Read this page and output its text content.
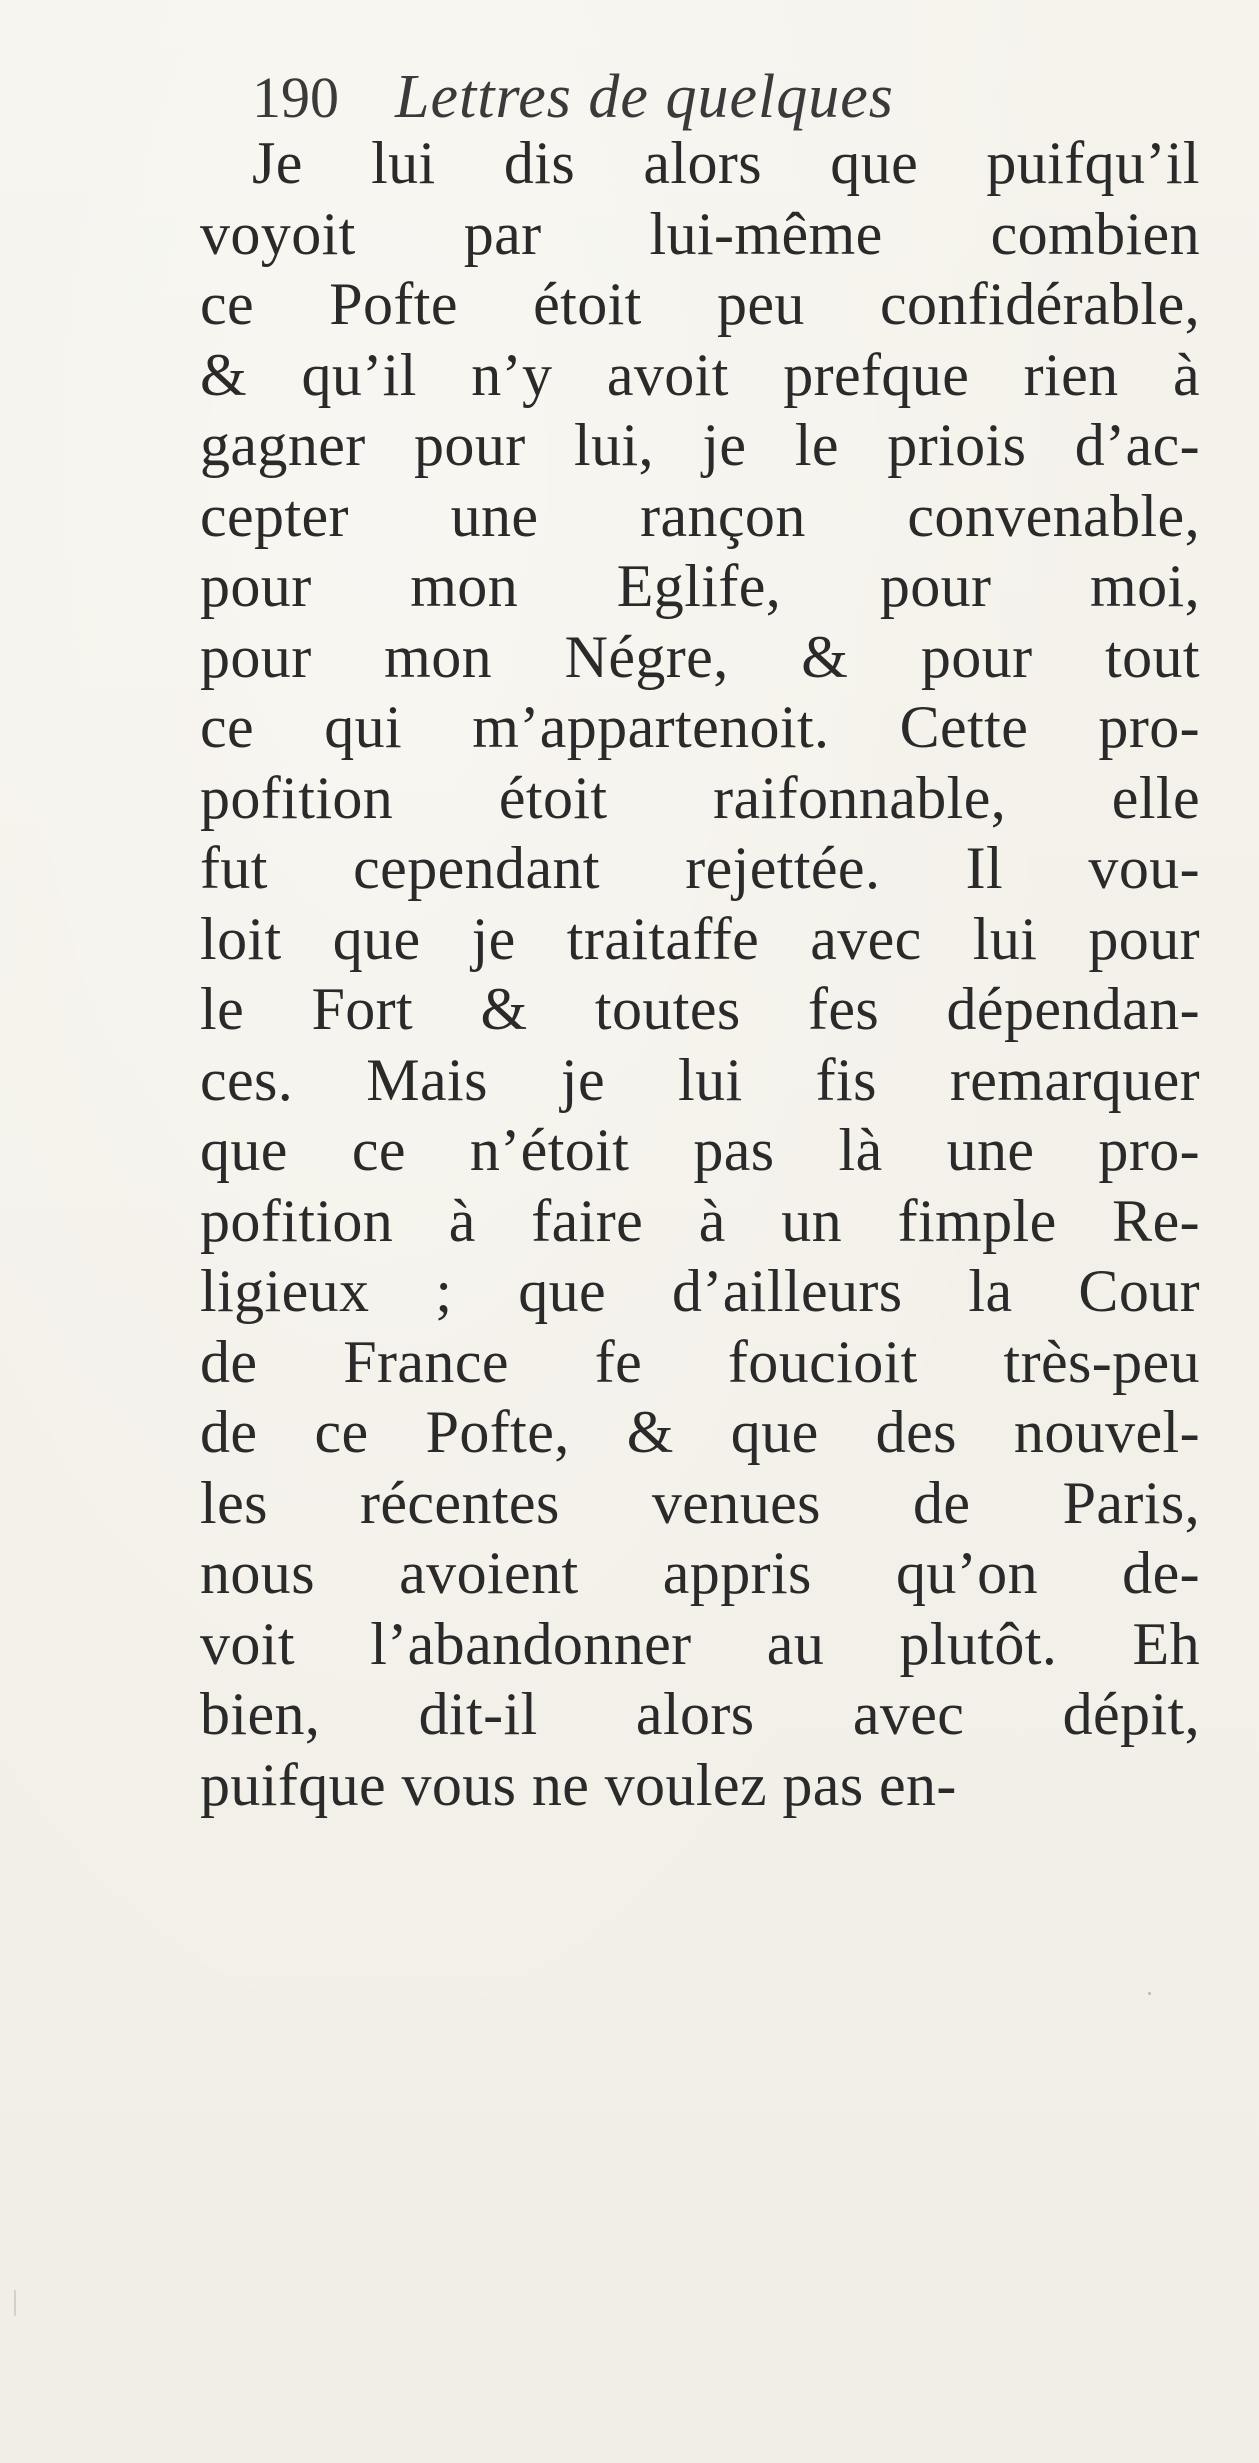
190 Lettres de quelques
Je lui dis alors que puifqu’il
voyoit par lui-même combien
ce Pofte étoit peu confidérable,
& qu’il n’y avoit prefque rien à
gagner pour lui, je le priois d’ac-
cepter une rançon convenable,
pour mon Eglife, pour moi,
pour mon Négre, & pour tout
ce qui m’appartenoit. Cette pro-
pofition étoit raifonnable, elle
fut cependant rejettée. Il vou-
loit que je traitaffe avec lui pour
le Fort & toutes fes dépendan-
ces. Mais je lui fis remarquer
que ce n’étoit pas là une pro-
pofition à faire à un fimple Re-
ligieux ; que d’ailleurs la Cour
de France fe foucioit très-peu
de ce Pofte, & que des nouvel-
les récentes venues de Paris,
nous avoient appris qu’on de-
voit l’abandonner au plutôt. Eh
bien, dit-il alors avec dépit,
puifque vous ne voulez pas en-
